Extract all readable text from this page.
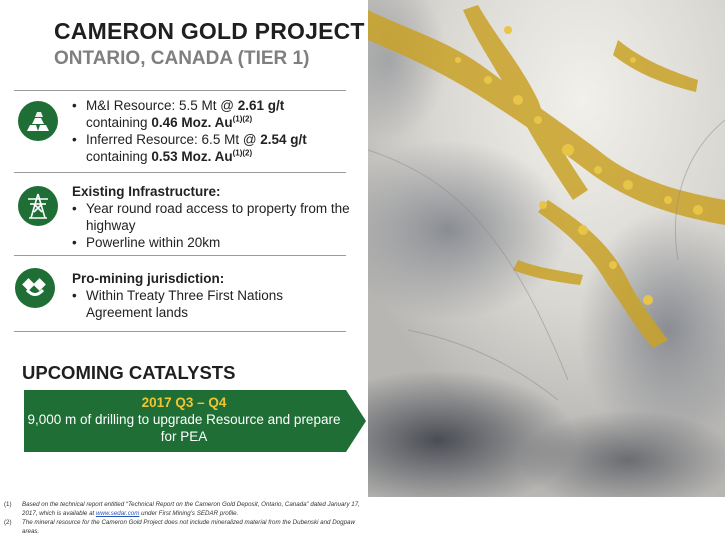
CAMERON GOLD PROJECT
ONTARIO, CANADA (TIER 1)
• M&I Resource: 5.5 Mt @ 2.61 g/t
containing 0.46 Moz. $Au^{(1)(2)}$
• Inferred Resource: 6.5 Mt @ 2.54 g/t
containing 0.53 Moz. $Au^{(1)(2)}$
Existing Infrastructure:
• Year round road access to property from the highway
• Powerline within 20km
Pro-mining jurisdiction:
• Within Treaty Three First Nations Agreement lands
UPCOMING CATALYSTS
2017 Q3 – Q4
9,000 m of drilling to upgrade Resource and prepare for PEA
(1) Based on the technical report entitled “Technical Report on the Cameron Gold Deposit, Ontario, Canada” dated January 17, 2017, which is available at www.sedar.com under First Mining’s SEDAR profile.
(2) The mineral resource for the Cameron Gold Project does not include mineralized material from the Dubenski and Dogpaw areas.
